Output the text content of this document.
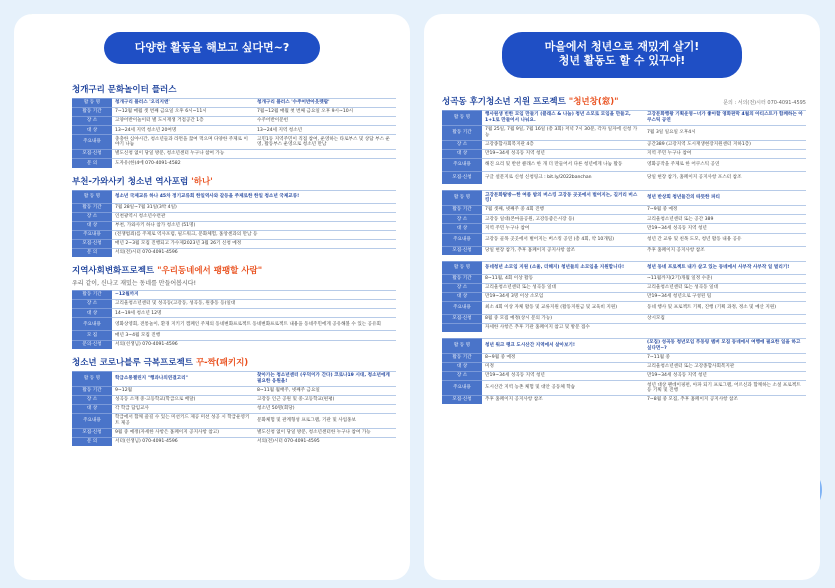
다양한 활동을 해보고 싶다면~?
청개구리 문화놀이터 플러스
활 동 명	청개구리 플러스 '오리지엔'	청개구리 플러스 '수주어반아웃렛팝'
활동 기간	7~12월 매월 셋 번째 금요일 오후 6시~11시	7월~12월 매월 첫 번째 금요일 오후 9시~10시
장 소	고양어반이놀이터 별 도시재생 거점공간 1층	수주어반이문헌
대 상	13~24세 지역 청소년 20여명	13~24세 지역 청소년
주요내용	충충한 심야시간, 청소년들과 라면을 끓여 먹으며 다양한 주제로 이야기 나눔	고민1등 지역주민이 직접 참여, 운영하는 타로부스 및 상담 부스 운영, 활동부스 운영으로 청소년 만남
모집·신청	별도신청 없이 당일 방문, 청소년센터 누구나 참여 가능	
문 의	도자유(한)4에 070-4091-4582	
부천-가와사키 청소년 역사포럼 '하나'
활 동 명	청소년 국제교류 하나 45차 정기교류회 한일역사와 갈등을 주제로한 한일 청소년 국제교류!
활동 기간	7월 28일~7월 31일(3박 4일)
장 소	인천광역시 청소년수련관
대 상	부천, 가와사키 하나 참가 청소년 (51명)
주요내용	(전쟁범죄)를 주제로 역사포럼, 필드워크, 문화체험, 홈앙센과의 만남 등
모집·신청	매년 2~3월 모집 진행되고 가수제2023년 3월 26기 신청 예정
문 의	서의(전)시터 070-4091-4596
지역사회변화프로젝트 "우리동네에서 팽팽할 사람"
우리 같이, 신나고 재밌는 동네를 만들어봅시다!
활동 기간	~12월까지
장 소	고리울청소년센터 및 성곡동(고강동, 성곡동, 원종동 등)일대
대 상	14~19세 청소년 12명
주요내용	영화상영회, 전통놀이, 환경 지키기 캠페인 주제의 동네변화프로젝트 동네변화프로젝트 내용을 동네주민에게 공유해볼 수 있는 공유회
모 집	매년 3~4월 모집 진행
문의·신청	서의(선생님) 070-4091-4596
청소년 코로나블루 극복프로젝트 꾸-짝(패키지)
활 동 명	학급소통챌린지 "행과나의연결고리"	찾아가는 청소년센터 (우덕이가 간다) 코로나19 시대, 청소년에게 필요한 응원을!
활동 기간	9~12월	8~11월 월배주, 넷째주 금요일
장 소	성곡동 소재 중·고등학교(학급으로 배달)	고강동 인근 공원 및 중·고등학교(편평)
대 상	각 학급 담임교사	청소년 50명(회당)
주요내용	학급에서 함께 즐길 수 있는 미션키드 제공 미션 성공 시 학급운영키트 제공	문화체험 및 관계형성 프로그램, 기관 및 사업홍보
모집·신청	9월 중 예정(자세한 사항은 홈페이지 공지사항 참고)	별도신청 없이 당일 방문, 청소년센터한 누구나 참여 가능
문 의	서터(선생님) 070-4091-4596	서의(전)시터 070-4091-4595
마을에서 청년으로 재밌게 살기!
청년 활동도 할 수 있꾸야!
성곡동 후기청소년 지원 프로젝트 "청년창(窓)"	문의 : 서의(전)시터 070-4091-4595
활 동 명	행사원생 빈한 모임 만들기 (클래스 & 나눔) 청년 소모로 모임을 만들고, 1+1로 만들어서 나눠요.	고강문화행왕 기획운영~너가 좋아할 영화판막 4월의 아티스트가 함께하는 아쿠스틱 공연
활동 기간	7월 25일, 7월 9일, 7월 16일 (총 3회) 저녁 7시 30분, 각자 일자에 신청 가능	7월 3일 일요일 오후4시
장 소	고강종합사회복지관 4층	공간389 (고강지역 도시재생현장지원센터 지하1층)
대 상	만19~34세 성곡동 지역 청년	지역 주민 누구나 참여
주요내용	해진 요리 및 반찬 클래스 한 개 더 만들어서 다른 청년에게 나눔 활동	영화공작을 주제로 한 어쿠스틱 공연
모집·신청	구글 설문지로 신청 신청링크 : bit.ly/2022banchan	당일 현장 참가, 홈페이지 공지사항 포스터 참조
활 동 명	고강문화탐방—한 여름 밤의 버스킹 고강동 곳곳에서 벌어지는, 길거리 버스킹!	청년 반상회 청년들간의 따뜻한 파티
활동 기간	7월 셋째, 넷째주 중 4회 진행	7~9월 중 예정
장 소	고강동 일대(본마을공원, 고강동좋은시장 등)	고리울청소년센터 또는 공간 389
대 상	지역 주민 누구나 참여	만19~34세 성곡동 지역 청년
주요내용	고강동 골목 곳곳에서 벌어지는 버스킹 공연 (총 4회, 약 10개팀)	청년 간 교류 및 친목 도모, 청년 활동 내용 공유
모집·신청	당일 현장 참가, 추후 홈페이지 공지사항 참조	추후 홈페이지 공지사항 참조
활 동 명	동네청년 소모임 지원 (소울, 더해지) 청년들의 소모임을 지원합니다!	청년 동네 프로젝트 내가 살고 있는 동네에서 사부작 사부작 일 벌리기!
활동 기간	8~11월, 4회 이상 활동	~11월까지(2기)개월 일정 수준)
장 소	고리울청소년센터 또는 성곡동 일대	고리울청소년센터 또는 성곡동 일대
대 상	만19~34세 3명 이상 소모임	만19~34세 청년으로 구성된 팀
주요내용	최소 4회 이상 자체 활동 및 교류지원 (활동지원금 및 교육비 지원)	동네 행사 및 프로젝트 기획, 진행 (기획 과정, 정소 및 예산 지원)
모집·신청	8월 중 모집 예정(상시 문의 가능)	상시모집
	자세한 사항은 추후 기관 홈페이지 참고 및 방문 접수	
활 동 명	청년 워크 랭크 도시산간 지역에서 살아보기!	(모집) 성곡동 청년모임 푸동링 멤버 모집 동네에서 여행에 필요한 일을 하고 싶다면~?
활동 기간	8~9월 중 예정	7~11월 중
대 상	미정	고리울청소년센터 또는 고강종합사회복지관
장 소	만19~34세 성곡동 지역 청년	만19~34세 성곡동 지역 청년
주요내용	도시산간 지역 농촌 체험 및 대안 공동체 학습	청년 대상 팬데이핑펀, 아파 되기 프로그램, 어르신과 함께하는 소셜 프로젝트 등 기획 및 진행
모집·신청	추후 홈페이지 공지사항 참조	7~8월 중 모집, 추후 홈페이지 공지사항 참조
